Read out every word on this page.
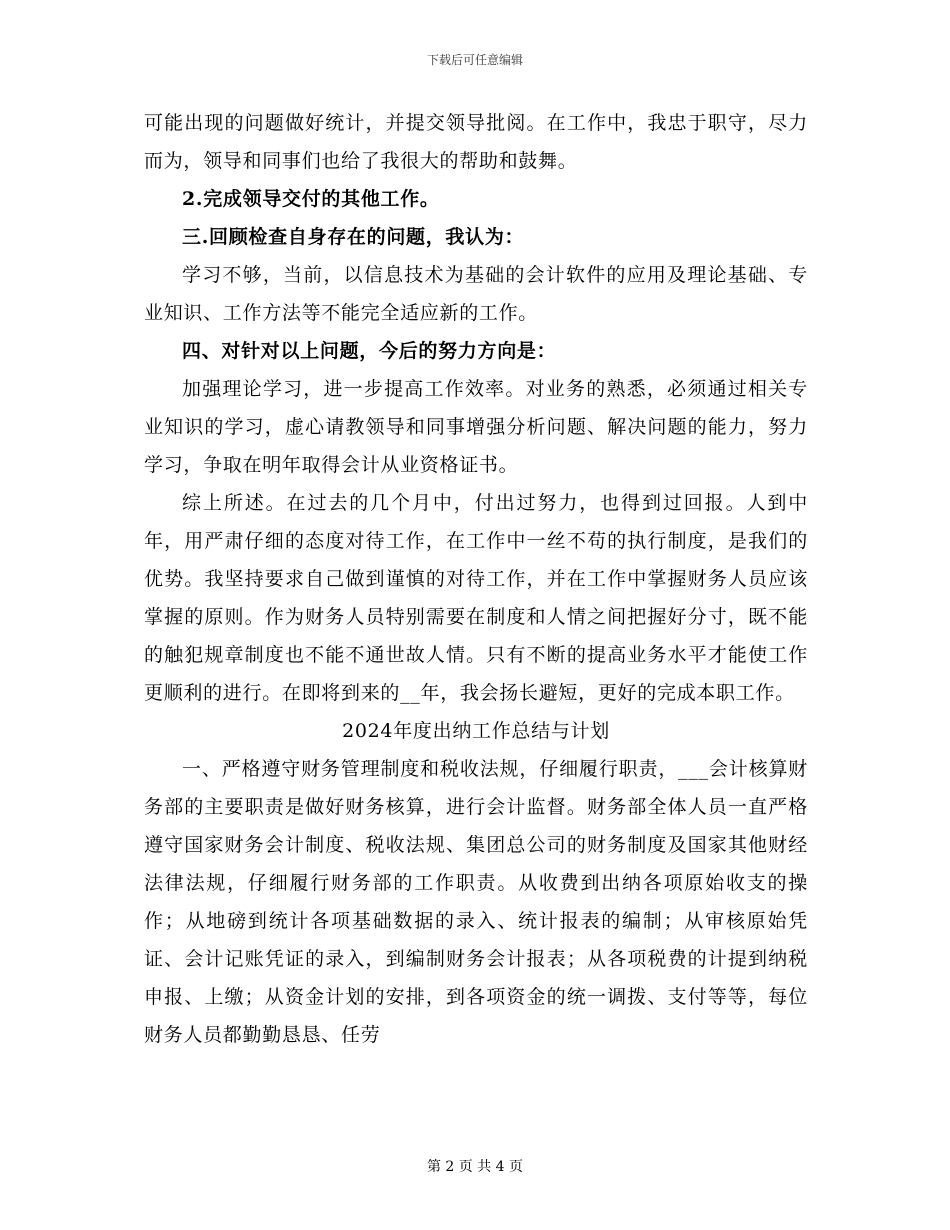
下载后可任意编辑

可能出现的问题做好统计，并提交领导批阅。在工作中，我忠于职守，尽力而为，领导和同事们也给了我很大的帮助和鼓舞。

2.完成领导交付的其他工作。

三.回顾检查自身存在的问题，我认为：

学习不够，当前，以信息技术为基础的会计软件的应用及理论基础、专业知识、工作方法等不能完全适应新的工作。

四、对针对以上问题，今后的努力方向是：

加强理论学习，进一步提高工作效率。对业务的熟悉，必须通过相关专业知识的学习，虚心请教领导和同事增强分析问题、解决问题的能力，努力学习，争取在明年取得会计从业资格证书。

综上所述。在过去的几个月中，付出过努力，也得到过回报。人到中年，用严肃仔细的态度对待工作，在工作中一丝不苟的执行制度，是我们的优势。我坚持要求自己做到谨慎的对待工作，并在工作中掌握财务人员应该掌握的原则。作为财务人员特别需要在制度和人情之间把握好分寸，既不能的触犯规章制度也不能不通世故人情。只有不断的提高业务水平才能使工作更顺利的进行。在即将到来的__年，我会扬长避短，更好的完成本职工作。

2024年度出纳工作总结与计划

一、严格遵守财务管理制度和税收法规，仔细履行职责，___会计核算财务部的主要职责是做好财务核算，进行会计监督。财务部全体人员一直严格遵守国家财务会计制度、税收法规、集团总公司的财务制度及国家其他财经法律法规，仔细履行财务部的工作职责。从收费到出纳各项原始收支的操作；从地磅到统计各项基础数据的录入、统计报表的编制；从审核原始凭证、会计记账凭证的录入，到编制财务会计报表；从各项税费的计提到纳税申报、上缴；从资金计划的安排，到各项资金的统一调拨、支付等等，每位财务人员都勤勤恳恳、任劳

第 2 页 共 4 页
